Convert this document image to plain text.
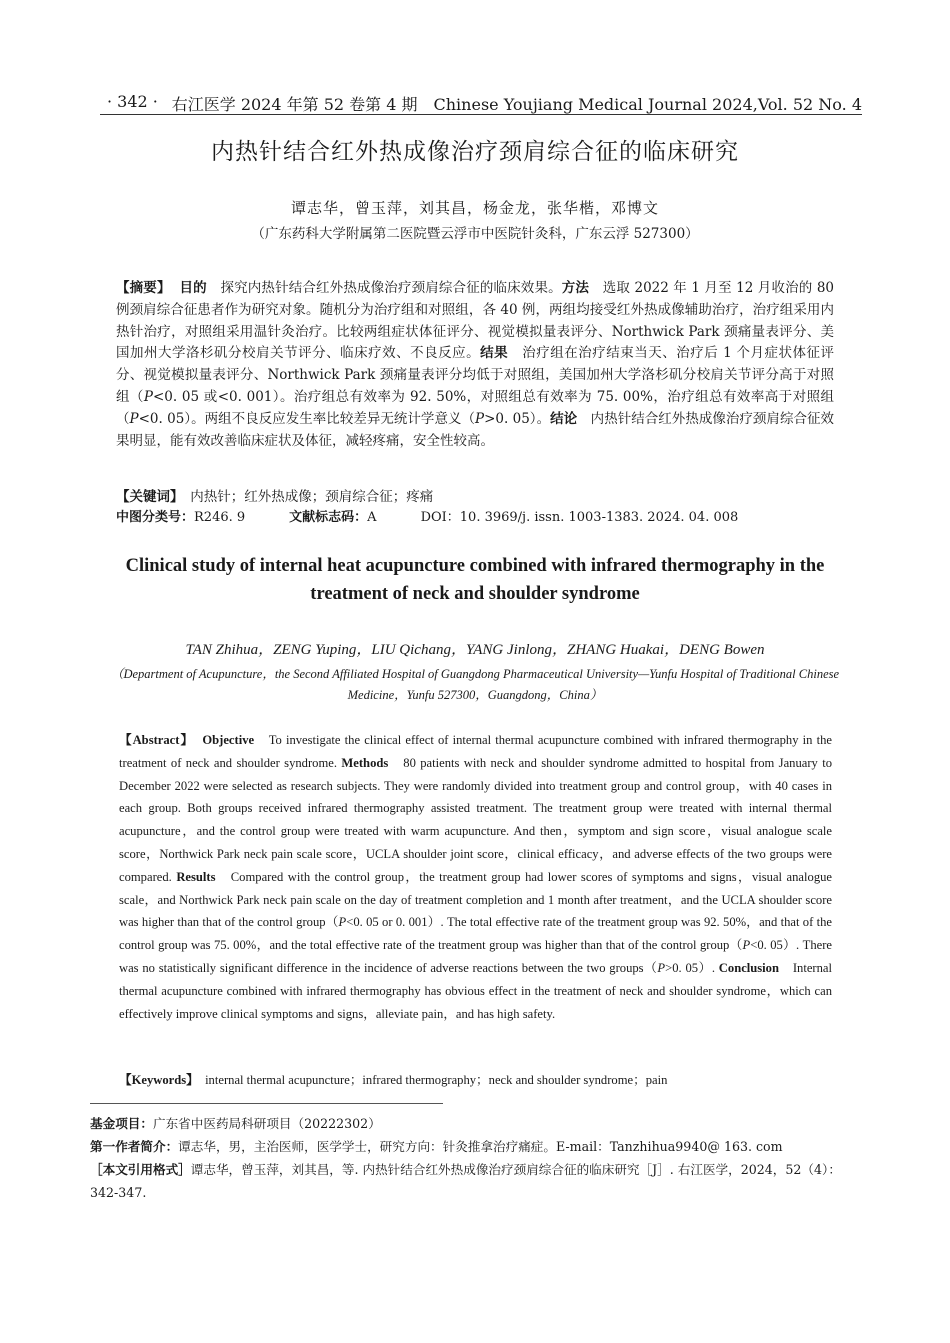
· 342 · 右江医学 2024 年第 52 卷第 4 期　Chinese Youjiang Medical Journal 2024,Vol. 52 No. 4
内热针结合红外热成像治疗颈肩综合征的临床研究
谭志华，曾玉萍，刘其昌，杨金龙，张华楷，邓博文
（广东药科大学附属第二医院暨云浮市中医院针灸科，广东云浮 527300）
【摘要】 目的　探究内热针结合红外热成像治疗颈肩综合征的临床效果。方法　选取 2022 年 1 月至 12 月收治的 80 例颈肩综合征患者作为研究对象。随机分为治疗组和对照组，各 40 例，两组均接受红外热成像辅助治疗，治疗组采用内热针治疗，对照组采用温针灸治疗。比较两组症状体征评分、视觉模拟量表评分、Northwick Park 颈痛量表评分、美国加州大学洛杉矶分校肩关节评分、临床疗效、不良反应。结果　治疗组在治疗结束当天、治疗后 1 个月症状体征评分、视觉模拟量表评分、Northwick Park 颈痛量表评分均低于对照组，美国加州大学洛杉矶分校肩关节评分高于对照组（P<0. 05 或<0. 001）。治疗组总有效率为 92. 50%，对照组总有效率为 75. 00%，治疗组总有效率高于对照组（P<0. 05）。两组不良反应发生率比较差异无统计学意义（P>0. 05）。结论　内热针结合红外热成像治疗颈肩综合征效果明显，能有效改善临床症状及体征，减轻疼痛，安全性较高。
【关键词】　内热针；红外热成像；颈肩综合征；疼痛
中图分类号：R246. 9	文献标志码：A	DOI：10. 3969/j. issn. 1003-1383. 2024. 04. 008
Clinical study of internal heat acupuncture combined with infrared thermography in the treatment of neck and shoulder syndrome
TAN Zhihua，ZENG Yuping，LIU Qichang，YANG Jinlong，ZHANG Huakai，DENG Bowen
（Department of Acupuncture，the Second Affiliated Hospital of Guangdong Pharmaceutical University—Yunfu Hospital of Traditional Chinese Medicine，Yunfu 527300，Guangdong，China）
【Abstract】 Objective　To investigate the clinical effect of internal thermal acupuncture combined with infrared thermography in the treatment of neck and shoulder syndrome. Methods　80 patients with neck and shoulder syndrome admitted to hospital from January to December 2022 were selected as research subjects. They were randomly divided into treatment group and control group，with 40 cases in each group. Both groups received infrared thermography assisted treatment. The treatment group were treated with internal thermal acupuncture，and the control group were treated with warm acupuncture. And then，symptom and sign score，visual analogue scale score，Northwick Park neck pain scale score，UCLA shoulder joint score，clinical efficacy，and adverse effects of the two groups were compared. Results　Compared with the control group，the treatment group had lower scores of symptoms and signs，visual analogue scale，and Northwick Park neck pain scale on the day of treatment completion and 1 month after treatment，and the UCLA shoulder score was higher than that of the control group（P<0. 05 or 0. 001）. The total effective rate of the treatment group was 92. 50%，and that of the control group was 75. 00%，and the total effective rate of the treatment group was higher than that of the control group（P<0. 05）. There was no statistically significant difference in the incidence of adverse reactions between the two groups（P>0. 05）. Conclusion　Internal thermal acupuncture combined with infrared thermography has obvious effect in the treatment of neck and shoulder syndrome，which can effectively improve clinical symptoms and signs，alleviate pain，and has high safety.
【Keywords】　internal thermal acupuncture；infrared thermography；neck and shoulder syndrome；pain
基金项目：广东省中医药局科研项目（20222302）
第一作者简介：谭志华，男，主治医师，医学学士，研究方向：针灸推拿治疗痛症。E-mail：Tanzhihua9940@ 163. com
［本文引用格式］谭志华，曾玉萍，刘其昌，等. 内热针结合红外热成像治疗颈肩综合征的临床研究［J］. 右江医学，2024，52（4）：342-347.
